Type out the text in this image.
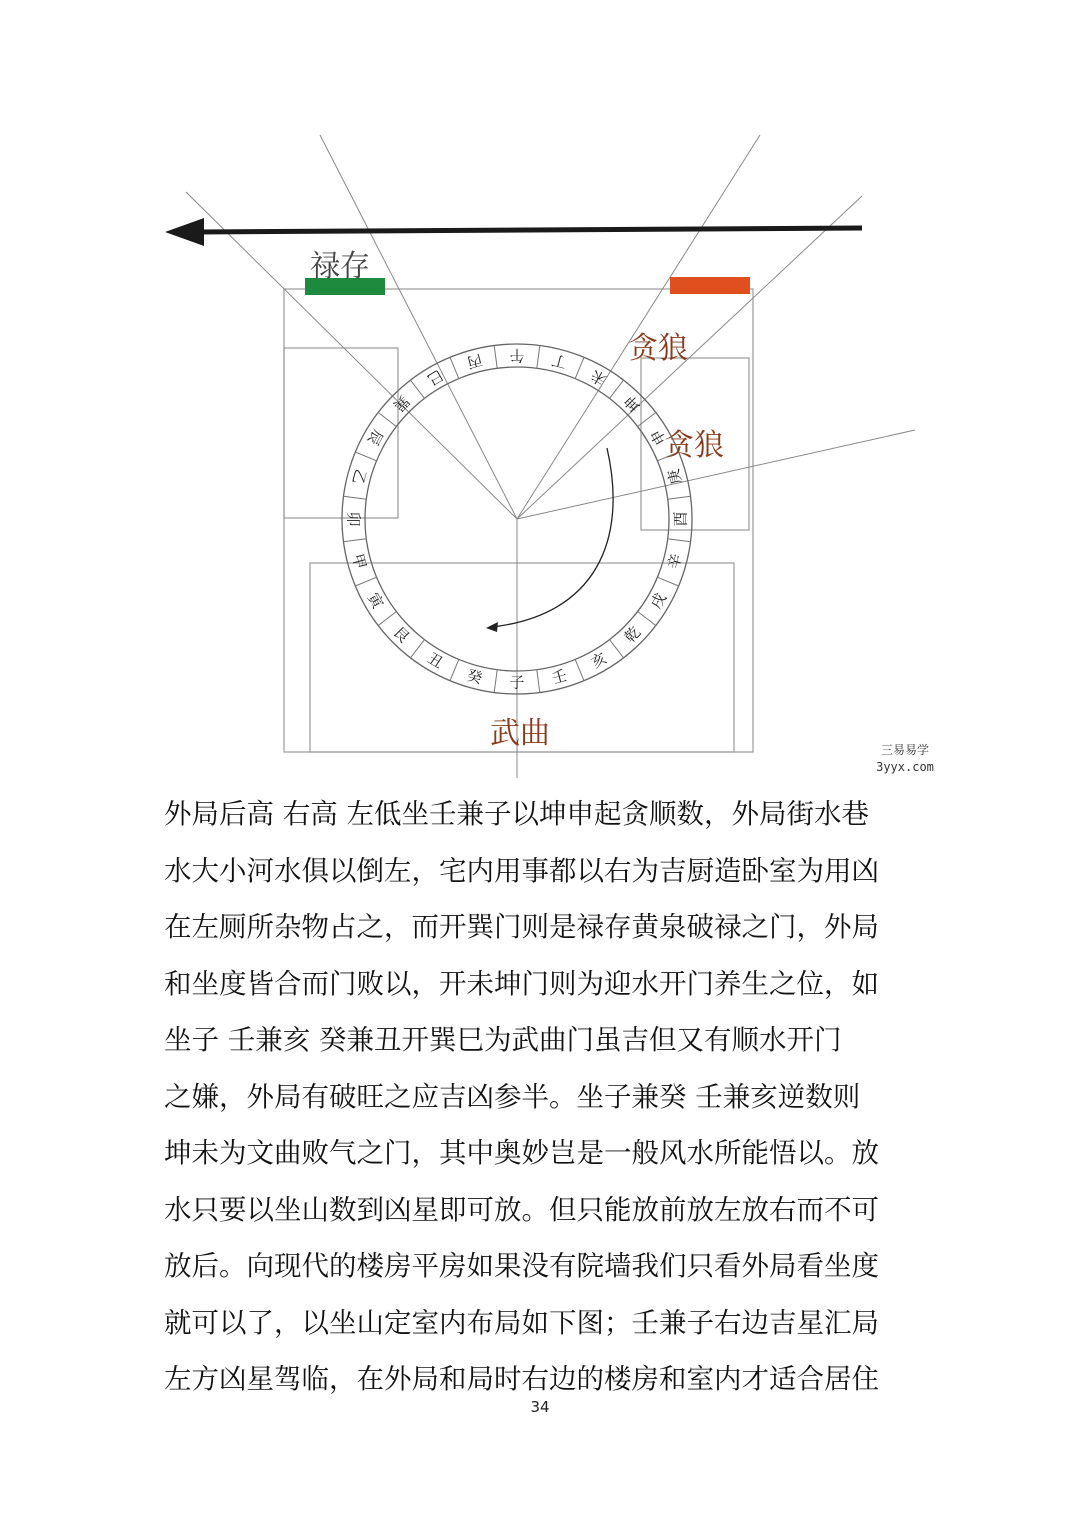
子
癸
丑
艮
寅
甲
卯
乙
辰
巽
巳
丙 午 丁
未
坤
申
庚
酉
辛
戌
乾
亥
壬
禄存
贪狼
贪狼
武曲	三易易学
3yyx.com

外局后高 右高 左低坐壬兼子以坤申起贪顺数，外局街水巷

水大小河水俱以倒左，宅内用事都以右为吉厨造卧室为用凶

在左厕所杂物占之，而开巽门则是禄存黄泉破禄之门，外局

和坐度皆合而门败以，开未坤门则为迎水开门养生之位，如

坐子 壬兼亥 癸兼丑开巽巳为武曲门虽吉但又有顺水开门

之嫌，外局有破旺之应吉凶参半。坐子兼癸 壬兼亥逆数则

坤未为文曲败气之门，其中奥妙岂是一般风水所能悟以。放

水只要以坐山数到凶星即可放。但只能放前放左放右而不可

放后。向现代的楼房平房如果没有院墙我们只看外局看坐度

就可以了，以坐山定室内布局如下图；壬兼子右边吉星汇局

左方凶星驾临，在外局和局时右边的楼房和室内才适合居住

34
